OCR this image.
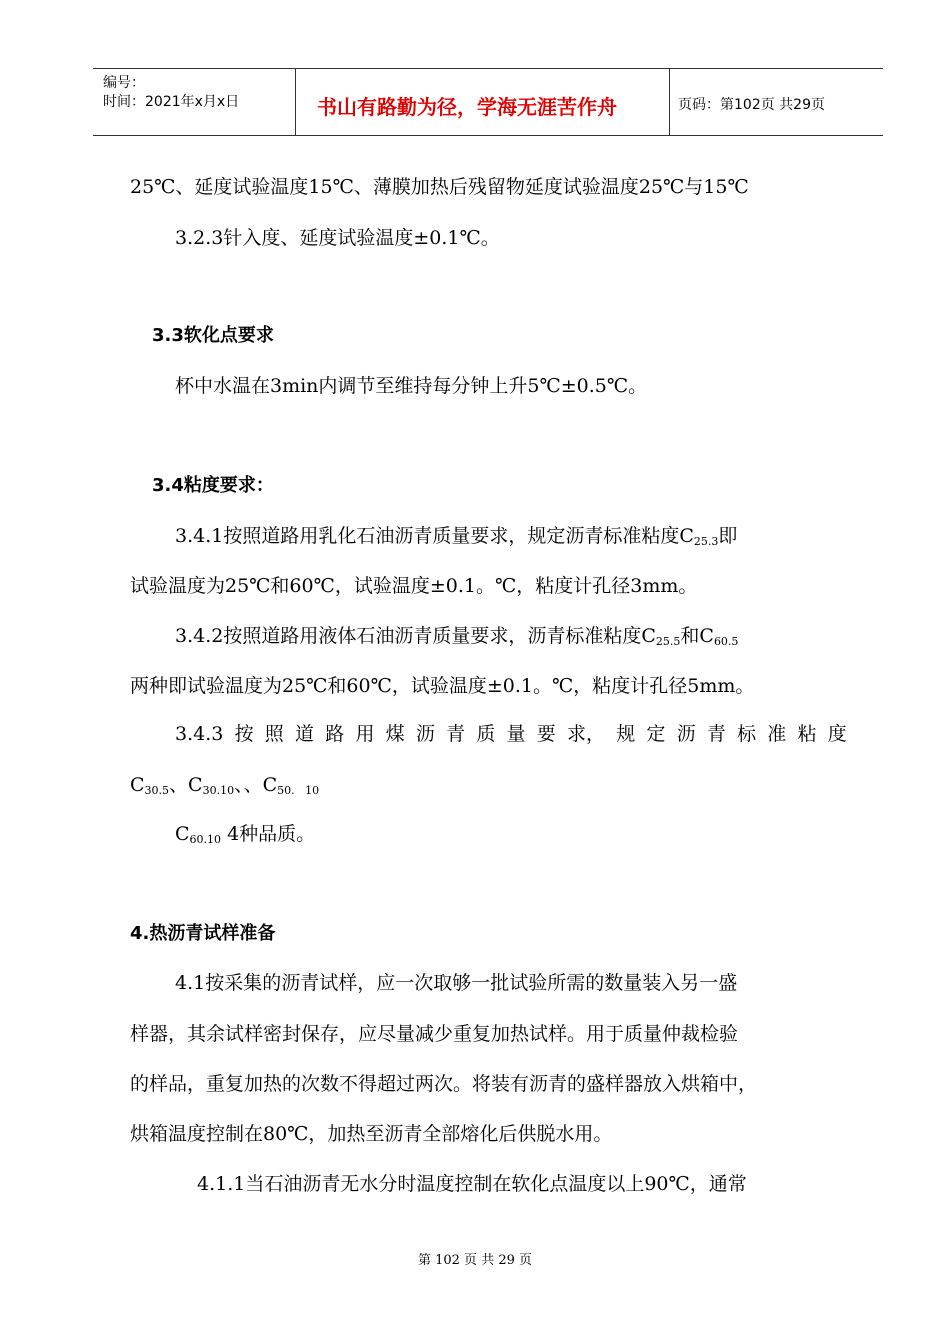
编号：
时间：2021年x月x日	书山有路勤为径，学海无涯苦作舟	页码：第102页 共29页
25℃、延度试验温度15℃、薄膜加热后残留物延度试验温度25℃与15℃
3.2.3针入度、延度试验温度±0.1℃。
3.3软化点要求
杯中水温在3min内调节至维持每分钟上升5℃±0.5℃。
3.4粘度要求：
3.4.1按照道路用乳化石油沥青质量要求，规定沥青标准粘度$C_{25.3}$即
试验温度为25℃和60℃，试验温度±0.1。℃，粘度计孔径3mm。
3.4.2按照道路用液体石油沥青质量要求，沥青标准粘度$C_{25.5}$和$C_{60.5}$
两种即试验温度为25℃和60℃，试验温度±0.1。℃，粘度计孔径5mm。
3.4.3 按 照 道 路 用 煤 沥 青 质 量 要 求， 规 定 沥 青 标 准 粘 度
$C_{30.5}$、$C_{30.10}$、、$C_{50. 10}$
$C_{60.10}$ 4种品质。
4.热沥青试样准备
4.1按采集的沥青试样，应一次取够一批试验所需的数量装入另一盛
样器，其余试样密封保存，应尽量减少重复加热试样。用于质量仲裁检验
的样品，重复加热的次数不得超过两次。将装有沥青的盛样器放入烘箱中，
烘箱温度控制在80℃，加热至沥青全部熔化后供脱水用。
4.1.1当石油沥青无水分时温度控制在软化点温度以上90℃，通常
第 102 页 共 29 页
